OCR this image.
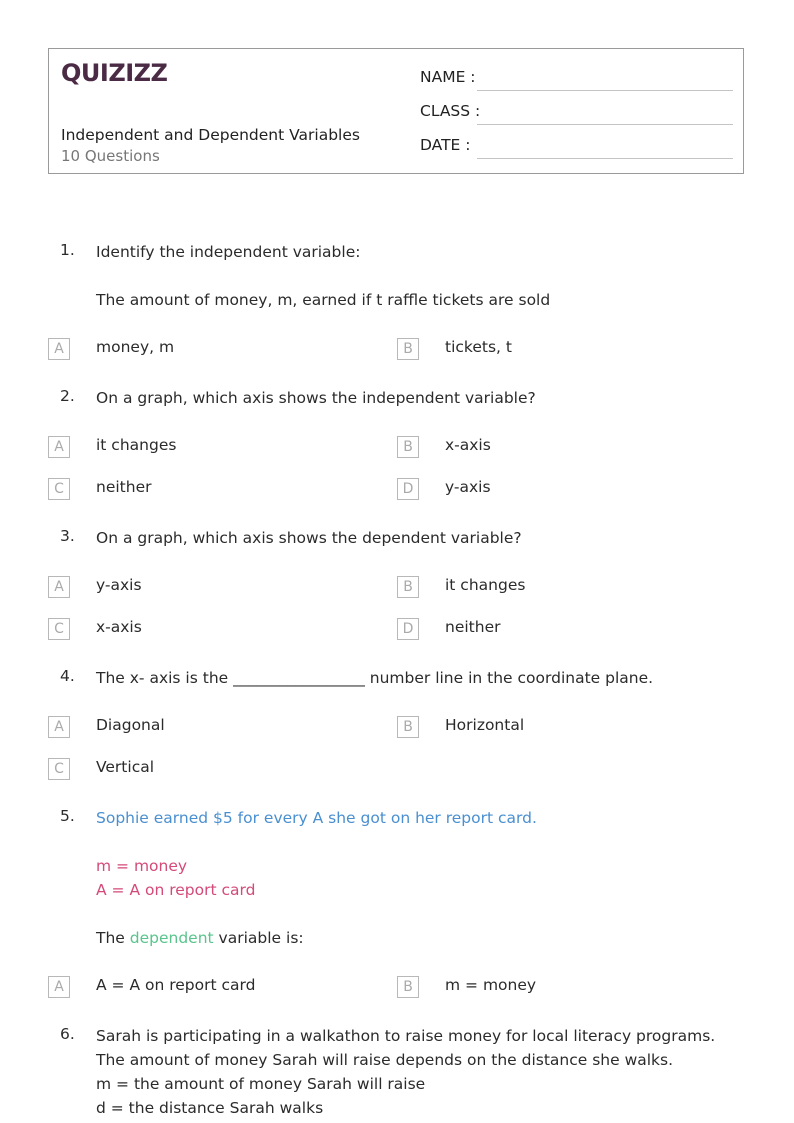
QUIZIZZ
Independent and Dependent Variables
10 Questions
NAME :
CLASS :
DATE :
1. Identify the independent variable:
The amount of money, m, earned if t raffle tickets are sold
A	money, m	B	tickets, t
2. On a graph, which axis shows the independent variable?
A	it changes	B	x-axis
C	neither	D	y-axis
3. On a graph, which axis shows the dependent variable?
A	y-axis	B	it changes
C	x-axis	D	neither
4. The x- axis is the _________________ number line in the coordinate plane.
A	Diagonal	B	Horizontal
C	Vertical
5. Sophie earned $5 for every A she got on her report card.
m = money
A = A on report card
The dependent variable is:
A	A = A on report card	B	m = money
6. Sarah is participating in a walkathon to raise money for local literacy programs. The amount of money Sarah will raise depends on the distance she walks.
m = the amount of money Sarah will raise
d = the distance Sarah walks
